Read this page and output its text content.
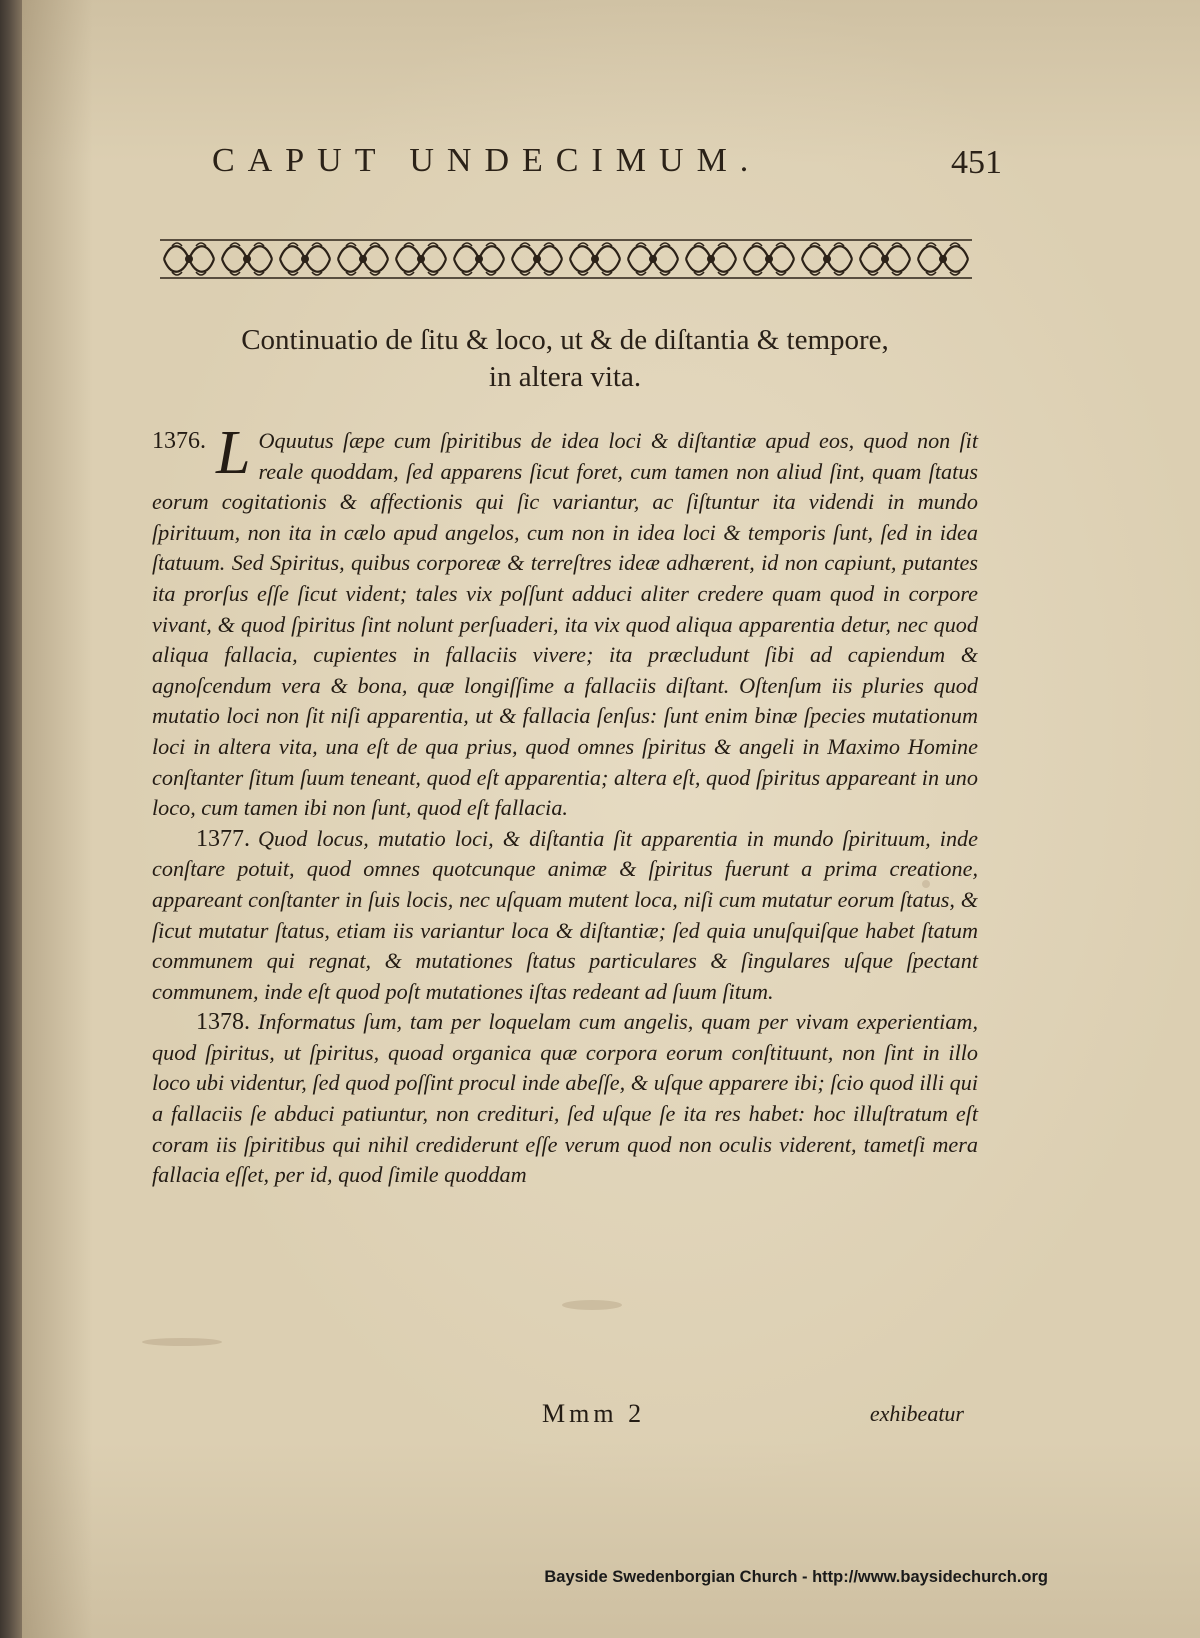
CAPUT UNDECIMUM.	451
Continuatio de ſitu & loco, ut & de diſtantia & tempore,
in altera vita.

1376. L Oquutus ſæpe cum ſpiritibus de idea loci & diſtantiæ apud eos, quod non ſit reale quoddam, ſed apparens ſicut foret, cum tamen non aliud ſint, quam ſtatus eorum cogitationis & affectionis qui ſic variantur, ac ſiſtuntur ita videndi in mundo ſpirituum, non ita in cælo apud angelos, cum non in idea loci & temporis ſunt, ſed in idea ſtatuum. Sed Spiritus, quibus corporeæ & terreſtres ideæ adhærent, id non capiunt, putantes ita prorſus eſſe ſicut vident; tales vix poſſunt adduci aliter credere quam quod in corpore vivant, & quod ſpiritus ſint nolunt perſuaderi, ita vix quod aliqua apparentia detur, nec quod aliqua fallacia, cupientes in fallaciis vivere; ita præcludunt ſibi ad capiendum & agnoſcendum vera & bona, quæ longiſſime a fallaciis diſtant. Oſtenſum iis pluries quod mutatio loci non ſit niſi apparentia, ut & fallacia ſenſus: ſunt enim binæ ſpecies mutationum loci in altera vita, una eſt de qua prius, quod omnes ſpiritus & angeli in Maximo Homine conſtanter ſitum ſuum teneant, quod eſt apparentia; altera eſt, quod ſpiritus appareant in uno loco, cum tamen ibi non ſunt, quod eſt fallacia.

1377. Quod locus, mutatio loci, & diſtantia ſit apparentia in mundo ſpirituum, inde conſtare potuit, quod omnes quotcunque animæ & ſpiritus fuerunt a prima creatione, appareant conſtanter in ſuis locis, nec uſquam mutent loca, niſi cum mutatur eorum ſtatus, & ſicut mutatur ſtatus, etiam iis variantur loca & diſtantiæ; ſed quia unuſquiſque habet ſtatum communem qui regnat, & mutationes ſtatus particulares & ſingulares uſque ſpectant communem, inde eſt quod poſt mutationes iſtas redeant ad ſuum ſitum.

1378. Informatus ſum, tam per loquelam cum angelis, quam per vivam experientiam, quod ſpiritus, ut ſpiritus, quoad organica quæ corpora eorum conſtituunt, non ſint in illo loco ubi videntur, ſed quod poſſint procul inde abeſſe, & uſque apparere ibi; ſcio quod illi qui a fallaciis ſe abduci patiuntur, non credituri, ſed uſque ſe ita res habet: hoc illuſtratum eſt coram iis ſpiritibus qui nihil crediderunt eſſe verum quod non oculis viderent, tametſi mera fallacia eſſet, per id, quod ſimile quoddam

Mmm 2	exhibeatur
Bayside Swedenborgian Church - http://www.baysidechurch.org
